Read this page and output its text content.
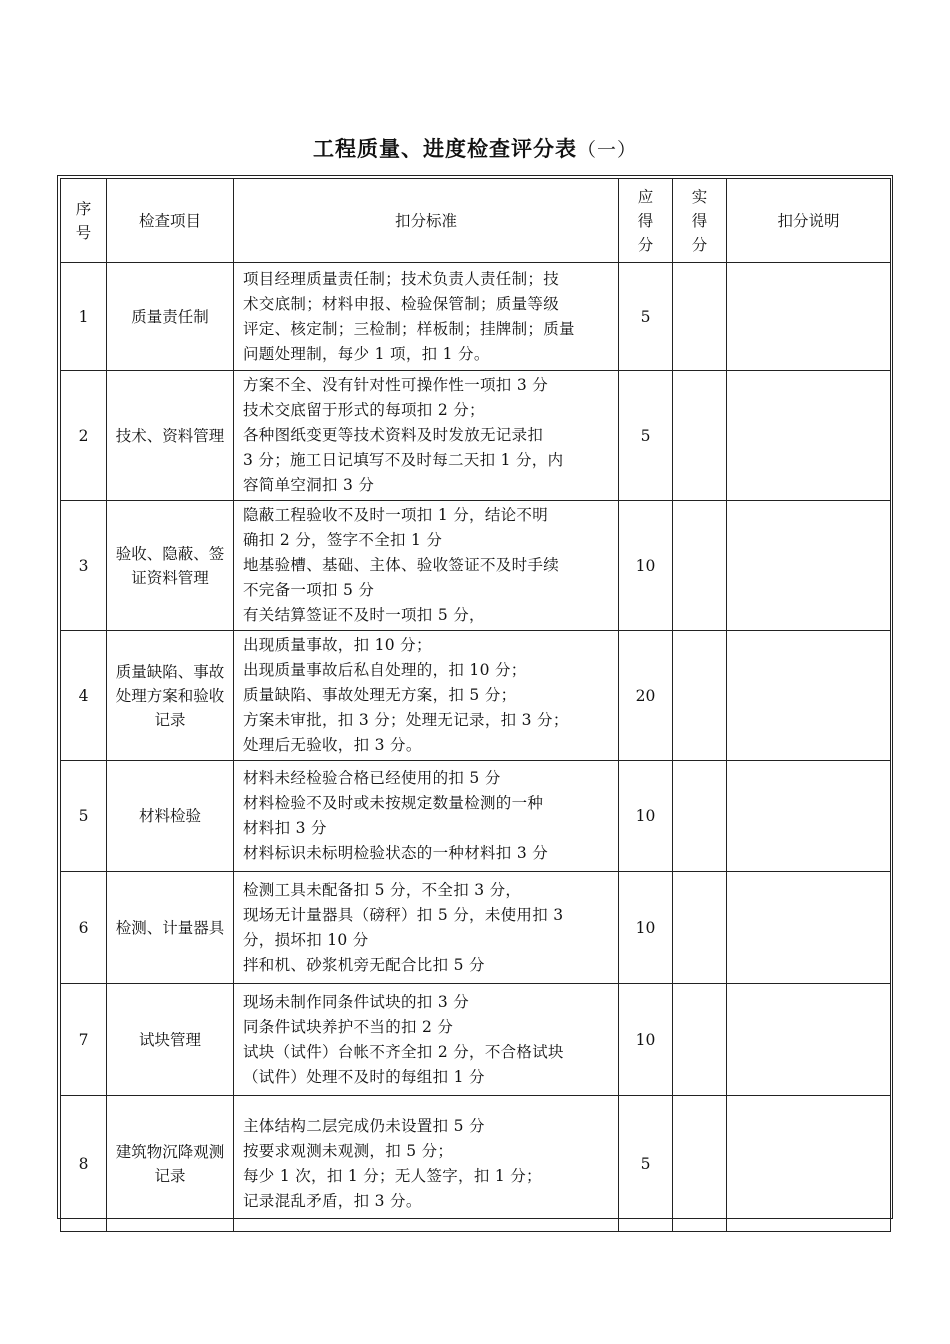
工程质量、进度检查评分表（一）
序
号	检查项目	扣分标准	应
得
分	实
得
分	扣分说明
1	质量责任制	项目经理质量责任制；技术负责人责任制；技
术交底制；材料申报、检验保管制；质量等级
评定、核定制；三检制；样板制；挂牌制；质量
问题处理制，每少 1 项，扣 1 分。	5		
2	技术、资料管理	方案不全、没有针对性可操作性一项扣 3 分
技术交底留于形式的每项扣 2 分；
各种图纸变更等技术资料及时发放无记录扣
3 分；施工日记填写不及时每二天扣 1 分，内
容简单空洞扣 3 分	5		
3	验收、隐蔽、签证资料管理	隐蔽工程验收不及时一项扣 1 分，结论不明
确扣 2 分，签字不全扣 1 分
地基验槽、基础、主体、验收签证不及时手续
不完备一项扣 5 分
有关结算签证不及时一项扣 5 分，	10		
4	质量缺陷、事故处理方案和验收记录	出现质量事故，扣 10 分；
出现质量事故后私自处理的，扣 10 分；
质量缺陷、事故处理无方案，扣 5 分；
方案未审批，扣 3 分；处理无记录，扣 3 分；
处理后无验收，扣 3 分。	20		
5	材料检验	材料未经检验合格已经使用的扣 5 分
材料检验不及时或未按规定数量检测的一种
材料扣 3 分
材料标识未标明检验状态的一种材料扣 3 分	10		
6	检测、计量器具	检测工具未配备扣 5 分，不全扣 3 分，
现场无计量器具（磅秤）扣 5 分，未使用扣 3
分，损坏扣 10 分
拌和机、砂浆机旁无配合比扣 5 分	10		
7	试块管理	现场未制作同条件试块的扣 3 分
同条件试块养护不当的扣 2 分
试块（试件）台帐不齐全扣 2 分，不合格试块
（试件）处理不及时的每组扣 1 分	10		
8	建筑物沉降观测记录	主体结构二层完成仍未设置扣 5 分
按要求观测未观测，扣 5 分；
每少 1 次，扣 1 分；无人签字，扣 1 分；
记录混乱矛盾，扣 3 分。	5		
